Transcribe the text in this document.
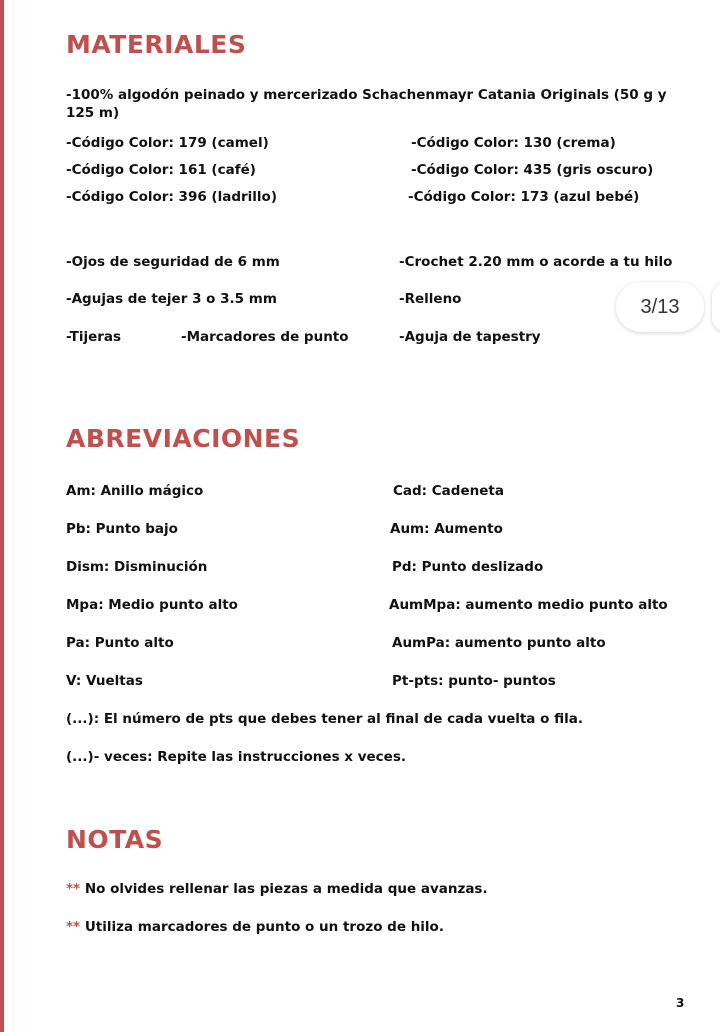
MATERIALES
-100% algodón peinado y mercerizado Schachenmayr Catania Originals (50 g y 125 m)
-Código Color: 179 (camel)	-Código Color: 130 (crema)
-Código Color: 161 (café)	-Código Color: 435 (gris oscuro)
-Código Color: 396 (ladrillo)	-Código Color: 173 (azul bebé)
-Ojos de seguridad de 6 mm	-Crochet 2.20 mm o acorde a tu hilo
-Agujas de tejer 3 o 3.5 mm	-Relleno
-Tijeras	-Marcadores de punto	-Aguja de tapestry
ABREVIACIONES
Am: Anillo mágico	Cad: Cadeneta
Pb: Punto bajo	Aum: Aumento
Dism: Disminución	Pd: Punto deslizado
Mpa: Medio punto alto	AumMpa: aumento medio punto alto
Pa: Punto alto	AumPa: aumento punto alto
V: Vueltas	Pt-pts: punto- puntos
(...): El número de pts que debes tener al final de cada vuelta o fila.
(...)- veces: Repite las instrucciones x veces.
NOTAS
** No olvides rellenar las piezas a medida que avanzas.
** Utiliza marcadores de punto o un trozo de hilo.
3
3/13
